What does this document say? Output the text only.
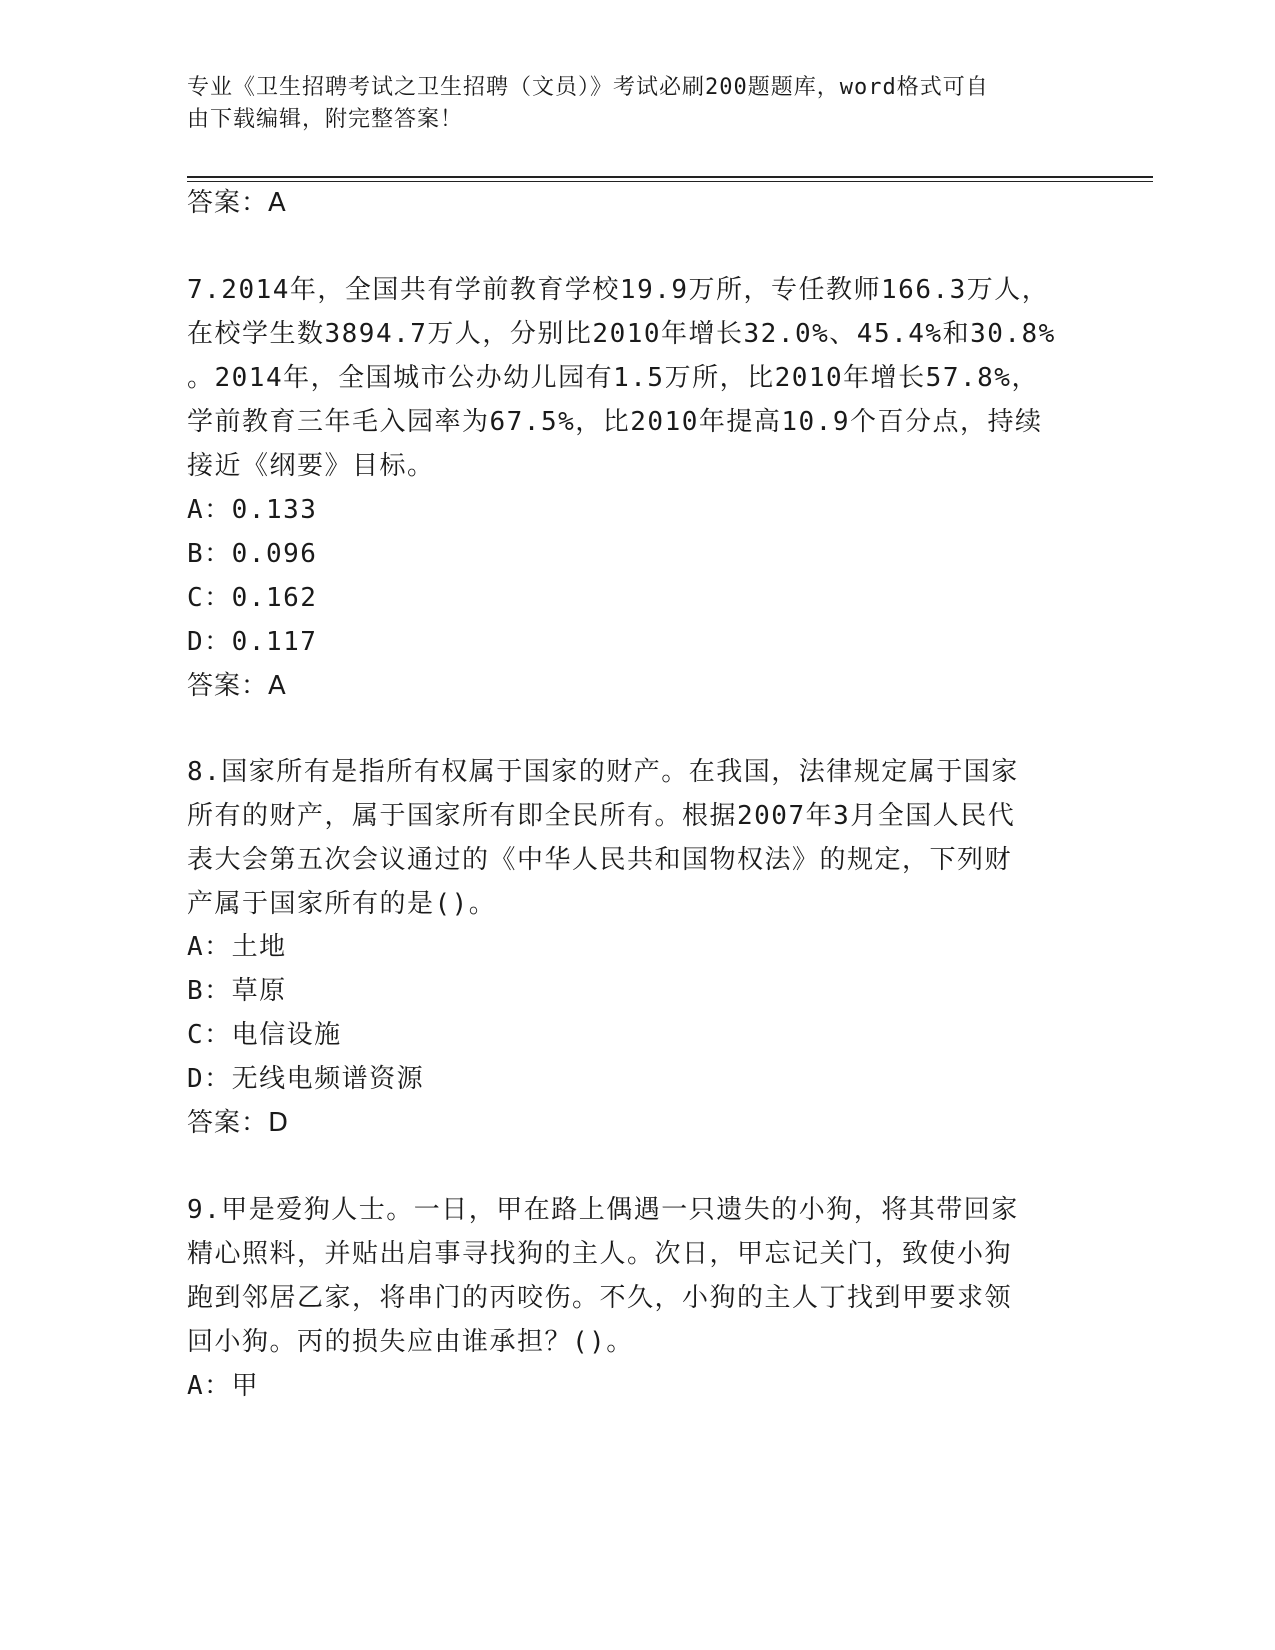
专业《卫生招聘考试之卫生招聘（文员）》考试必刷200题题库，word格式可自
由下载编辑，附完整答案！
答案：A
7.2014年，全国共有学前教育学校19.9万所，专任教师166.3万人，
在校学生数3894.7万人，分别比2010年增长32.0%、45.4%和30.8%
。2014年，全国城市公办幼儿园有1.5万所，比2010年增长57.8%，
学前教育三年毛入园率为67.5%，比2010年提高10.9个百分点，持续
接近《纲要》目标。
A：0.133
B：0.096
C：0.162
D：0.117
答案：A
8.国家所有是指所有权属于国家的财产。在我国，法律规定属于国家
所有的财产，属于国家所有即全民所有。根据2007年3月全国人民代
表大会第五次会议通过的《中华人民共和国物权法》的规定，下列财
产属于国家所有的是()。
A：土地
B：草原
C：电信设施
D：无线电频谱资源
答案：D
9.甲是爱狗人士。一日，甲在路上偶遇一只遗失的小狗，将其带回家
精心照料，并贴出启事寻找狗的主人。次日，甲忘记关门，致使小狗
跑到邻居乙家，将串门的丙咬伤。不久，小狗的主人丁找到甲要求领
回小狗。丙的损失应由谁承担？()。
A：甲
